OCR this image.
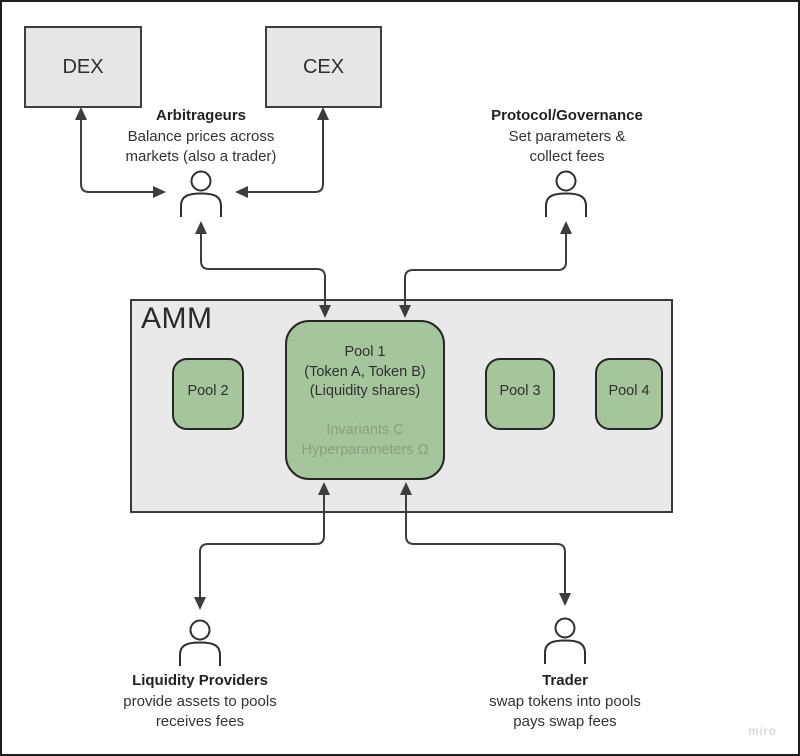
DEX	CEX
AMM
Pool 1
(Token A, Token B)
(Liquidity shares)
Invariants C
Hyperparameters Ω
Pool 2	Pool 3	Pool 4
Arbitrageurs
Balance prices across
markets (also a trader)
Protocol/Governance
Set parameters &
collect fees
Liquidity Providers
provide assets to pools
receives fees
Trader
swap tokens into pools
pays swap fees
miro
